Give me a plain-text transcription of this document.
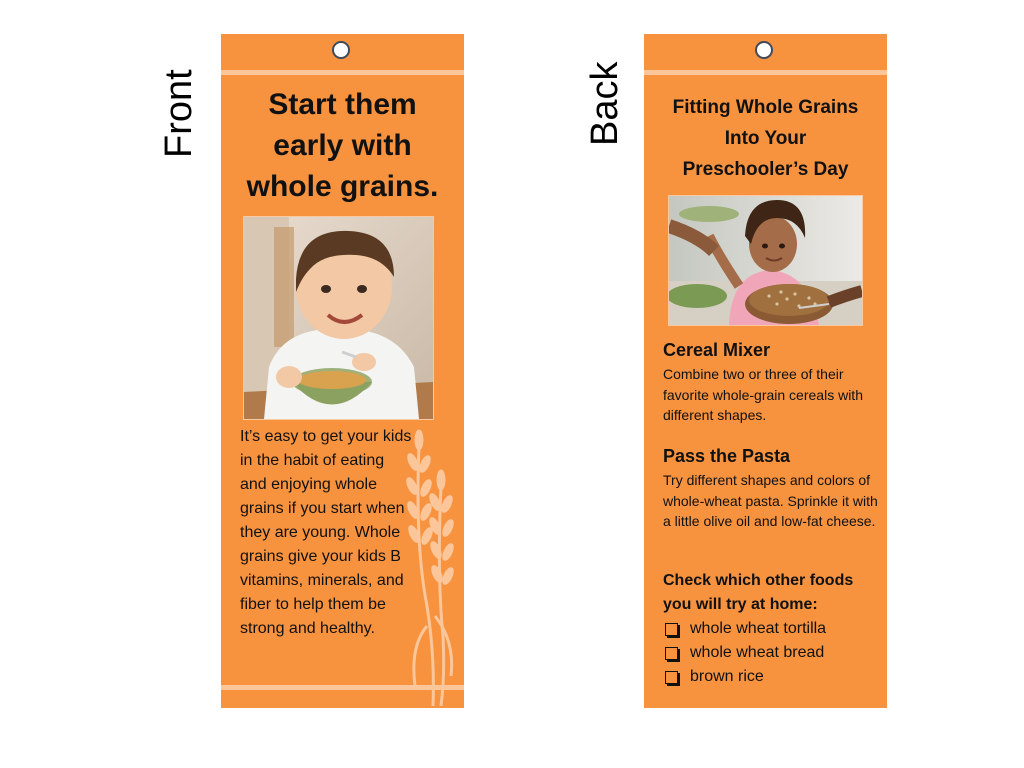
Front	Back
Start them
early with
whole grains.
It’s easy to get your kids in the habit of eating and enjoying whole grains if you start when they are young. Whole grains give your kids B vitamins, minerals, and fiber to help them be strong and healthy.
Fitting Whole Grains
Into Your
Preschooler’s Day
Cereal Mixer
Combine two or three of their favorite whole-grain cereals with different shapes.
Pass the Pasta
Try different shapes and colors of whole-wheat pasta. Sprinkle it with a little olive oil and low-fat cheese.
Check which other foods you will try at home:
whole wheat tortilla
whole wheat bread
brown rice
